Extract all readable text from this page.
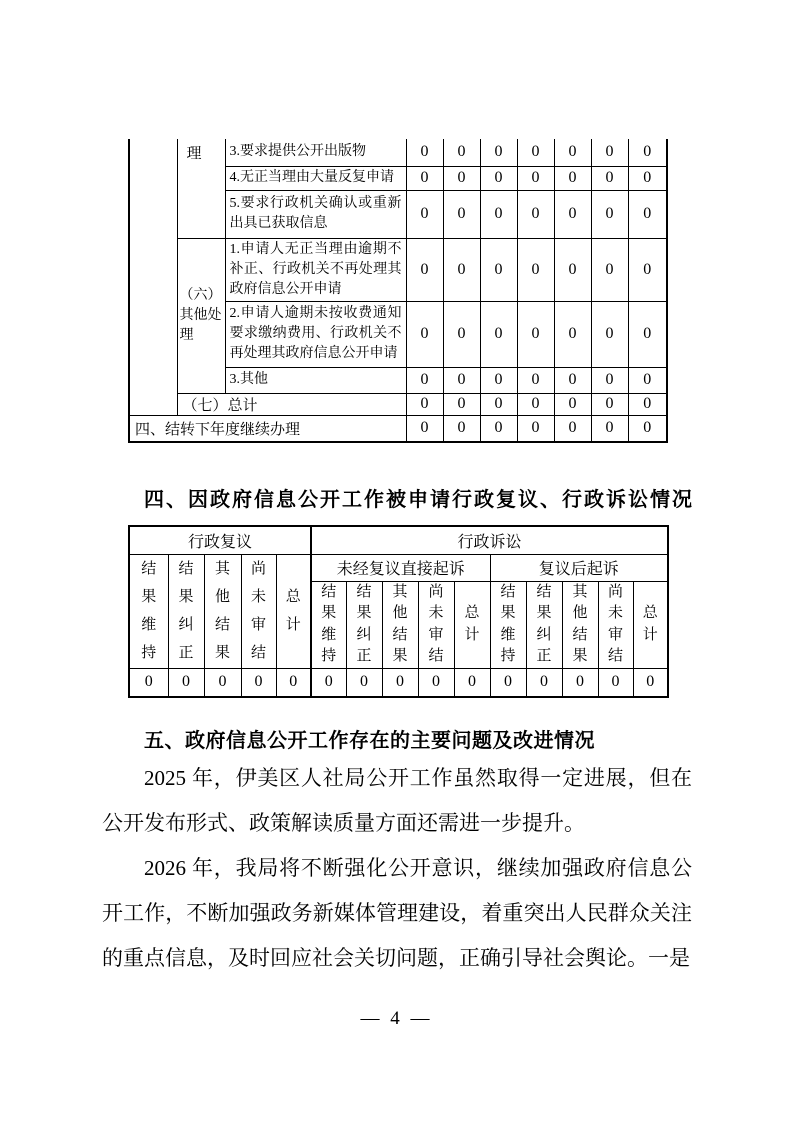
	理	3.要求提供公开出版物	0	0	0	0	0	0	0
		4.无正当理由大量反复申请	0	0	0	0	0	0	0
		5.要求行政机关确认或重新出具已获取信息	0	0	0	0	0	0	0
	（六）其他处理	1.申请人无正当理由逾期不补正、行政机关不再处理其政府信息公开申请	0	0	0	0	0	0	0
		2.申请人逾期未按收费通知要求缴纳费用、行政机关不再处理其政府信息公开申请	0	0	0	0	0	0	0
		3.其他	0	0	0	0	0	0	0
	（七）总计		0	0	0	0	0	0	0
四、结转下年度继续办理			0	0	0	0	0	0	0
四、因政府信息公开工作被申请行政复议、行政诉讼情况
行政复议					行政诉讼									
结果维持	结果纠正	其他结果	尚未审结	总计	未经复议直接起诉					复议后起诉				
					结果维持	结果纠正	其他结果	尚未审结	总计	结果维持	结果纠正	其他结果	尚未审结	总计
0	0	0	0	0	0	0	0	0	0	0	0	0	0	0
五、政府信息公开工作存在的主要问题及改进情况

2025 年，伊美区人社局公开工作虽然取得一定进展，但在公开发布形式、政策解读质量方面还需进一步提升。

2026 年，我局将不断强化公开意识，继续加强政府信息公开工作，不断加强政务新媒体管理建设，着重突出人民群众关注的重点信息，及时回应社会关切问题，正确引导社会舆论。一是

— 4 —
